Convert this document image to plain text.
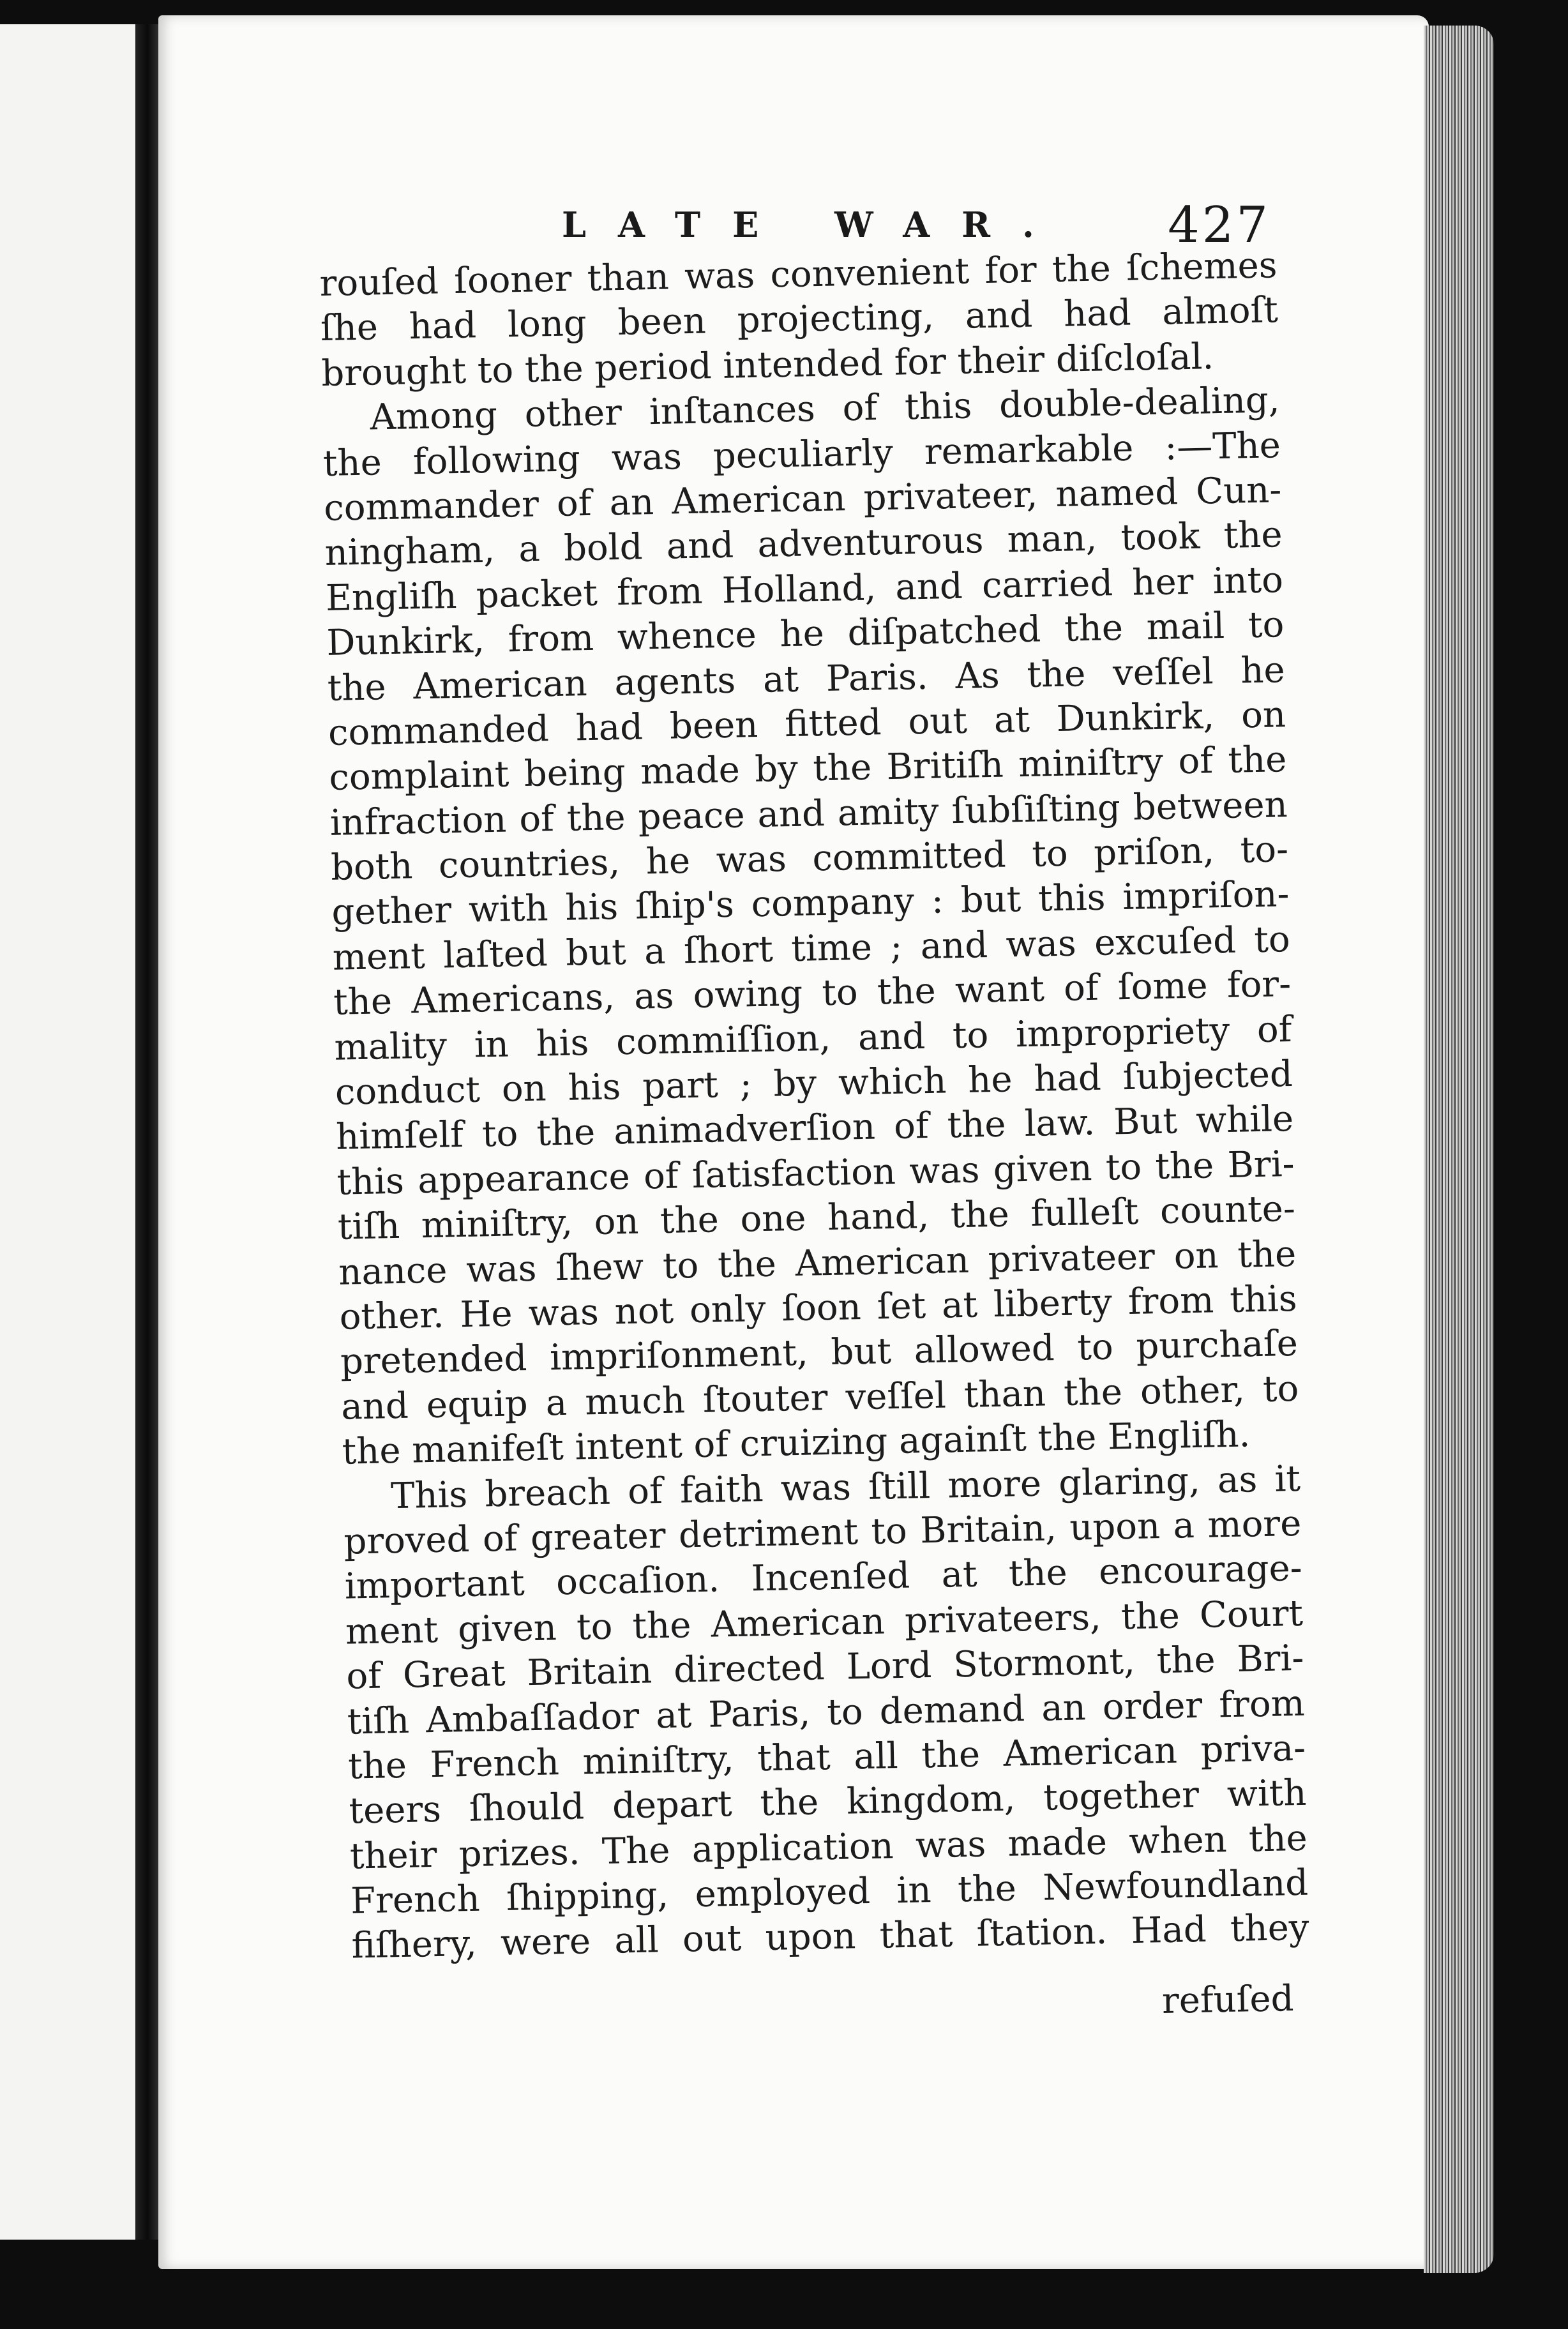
LATE WAR. 427
rouſed ſooner than was convenient for the ſchemes
ſhe had long been projecting, and had almoſt
brought to the period intended for their diſcloſal.
Among other inſtances of this double-dealing,
the following was peculiarly remarkable :—The
commander of an American privateer, named Cun-
ningham, a bold and adventurous man, took the
Engliſh packet from Holland, and carried her into
Dunkirk, from whence he diſpatched the mail to
the American agents at Paris. As the veſſel he
commanded had been fitted out at Dunkirk, on
complaint being made by the Britiſh miniſtry of the
infraction of the peace and amity ſubſiſting between
both countries, he was committed to priſon, to-
gether with his ſhip's company : but this impriſon-
ment laſted but a ſhort time ; and was excuſed to
the Americans, as owing to the want of ſome for-
mality in his commiſſion, and to impropriety of
conduct on his part ; by which he had ſubjected
himſelf to the animadverſion of the law. But while
this appearance of ſatisfaction was given to the Bri-
tiſh miniſtry, on the one hand, the fulleſt counte-
nance was ſhew to the American privateer on the
other. He was not only ſoon ſet at liberty from this
pretended impriſonment, but allowed to purchaſe
and equip a much ſtouter veſſel than the other, to
the manifeſt intent of cruizing againſt the Engliſh.
This breach of faith was ſtill more glaring, as it
proved of greater detriment to Britain, upon a more
important occaſion. Incenſed at the encourage-
ment given to the American privateers, the Court
of Great Britain directed Lord Stormont, the Bri-
tiſh Ambaſſador at Paris, to demand an order from
the French miniſtry, that all the American priva-
teers ſhould depart the kingdom, together with
their prizes. The application was made when the
French ſhipping, employed in the Newfoundland
fiſhery, were all out upon that ſtation. Had they
refuſed
